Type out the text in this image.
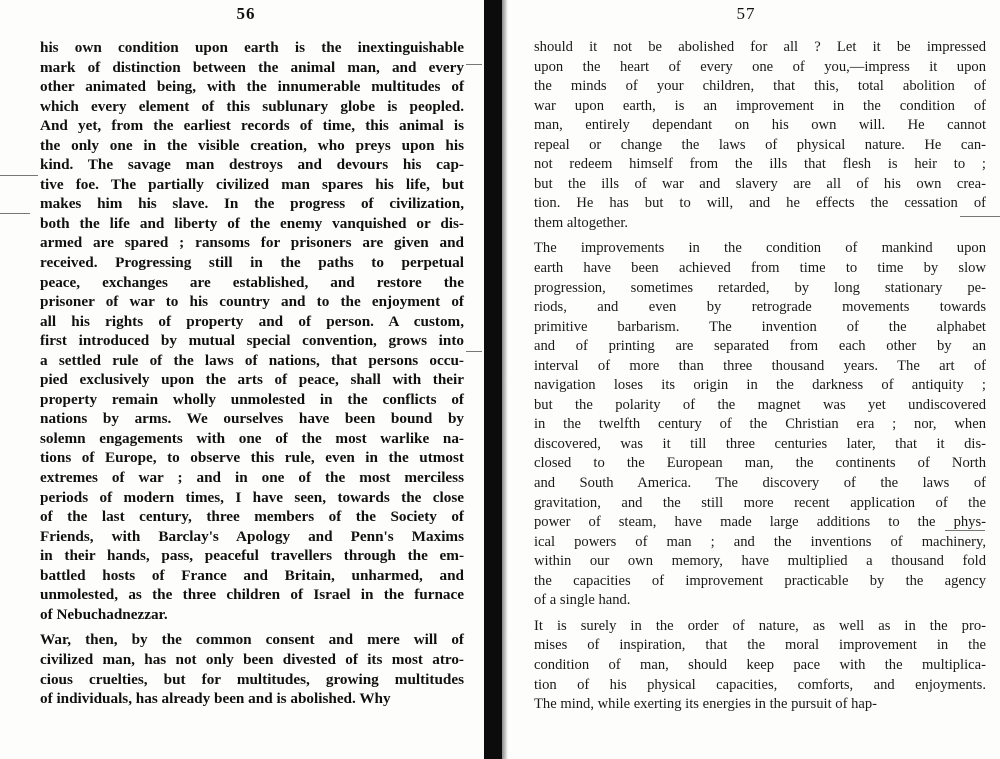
56
his own condition upon earth is the inextinguishable
mark of distinction between the animal man, and every
other animated being, with the innumerable multitudes of
which every element of this sublunary globe is peopled.
And yet, from the earliest records of time, this animal is
the only one in the visible creation, who preys upon his
kind. The savage man destroys and devours his cap-
tive foe. The partially civilized man spares his life, but
makes him his slave. In the progress of civilization,
both the life and liberty of the enemy vanquished or dis-
armed are spared ; ransoms for prisoners are given and
received. Progressing still in the paths to perpetual
peace, exchanges are established, and restore the
prisoner of war to his country and to the enjoyment of
all his rights of property and of person. A custom,
first introduced by mutual special convention, grows into
a settled rule of the laws of nations, that persons occu-
pied exclusively upon the arts of peace, shall with their
property remain wholly unmolested in the conflicts of
nations by arms. We ourselves have been bound by
solemn engagements with one of the most warlike na-
tions of Europe, to observe this rule, even in the utmost
extremes of war ; and in one of the most merciless
periods of modern times, I have seen, towards the close
of the last century, three members of the Society of
Friends, with Barclay's Apology and Penn's Maxims
in their hands, pass, peaceful travellers through the em-
battled hosts of France and Britain, unharmed, and
unmolested, as the three children of Israel in the furnace
of Nebuchadnezzar.
War, then, by the common consent and mere will of
civilized man, has not only been divested of its most atro-
cious cruelties, but for multitudes, growing multitudes
of individuals, has already been and is abolished. Why
57
should it not be abolished for all ? Let it be impressed
upon the heart of every one of you,—impress it upon
the minds of your children, that this, total abolition of
war upon earth, is an improvement in the condition of
man, entirely dependant on his own will. He cannot
repeal or change the laws of physical nature. He can-
not redeem himself from the ills that flesh is heir to ;
but the ills of war and slavery are all of his own crea-
tion. He has but to will, and he effects the cessation of
them altogether.
The improvements in the condition of mankind upon
earth have been achieved from time to time by slow
progression, sometimes retarded, by long stationary pe-
riods, and even by retrograde movements towards
primitive barbarism. The invention of the alphabet
and of printing are separated from each other by an
interval of more than three thousand years. The art of
navigation loses its origin in the darkness of antiquity ;
but the polarity of the magnet was yet undiscovered
in the twelfth century of the Christian era ; nor, when
discovered, was it till three centuries later, that it dis-
closed to the European man, the continents of North
and South America. The discovery of the laws of
gravitation, and the still more recent application of the
power of steam, have made large additions to the phys-
ical powers of man ; and the inventions of machinery,
within our own memory, have multiplied a thousand fold
the capacities of improvement practicable by the agency
of a single hand.
It is surely in the order of nature, as well as in the pro-
mises of inspiration, that the moral improvement in the
condition of man, should keep pace with the multiplica-
tion of his physical capacities, comforts, and enjoyments.
The mind, while exerting its energies in the pursuit of hap-
